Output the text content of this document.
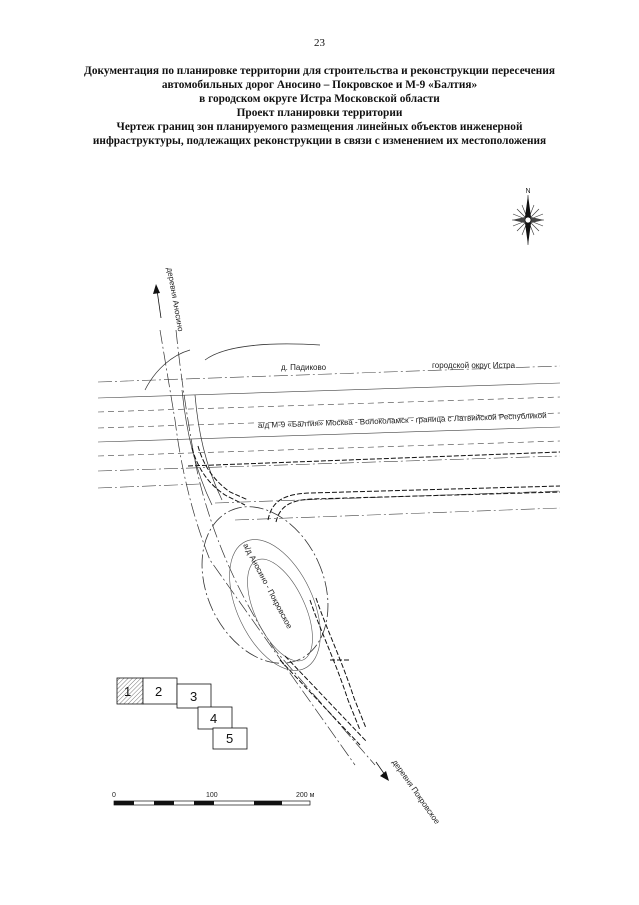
23
Документация по планировке территории для строительства и реконструкции пересечения
автомобильных дорог Аносино – Покровское и М-9 «Балтия»
в городском округе Истра Московской области
Проект планировки территории
Чертеж границ зон планируемого размещения линейных объектов инженерной
инфраструктуры, подлежащих реконструкции в связи с изменением их местоположения
N
деревня Аносино
д. Падиково	городской округ Истра
а/д М-9 «Балтия» Москва - Волоколамск - граница с Латвийской Республикой
а/д Аносино - Покровское
деревня Покровское
1 2 3
4
5
0	100	200 м
